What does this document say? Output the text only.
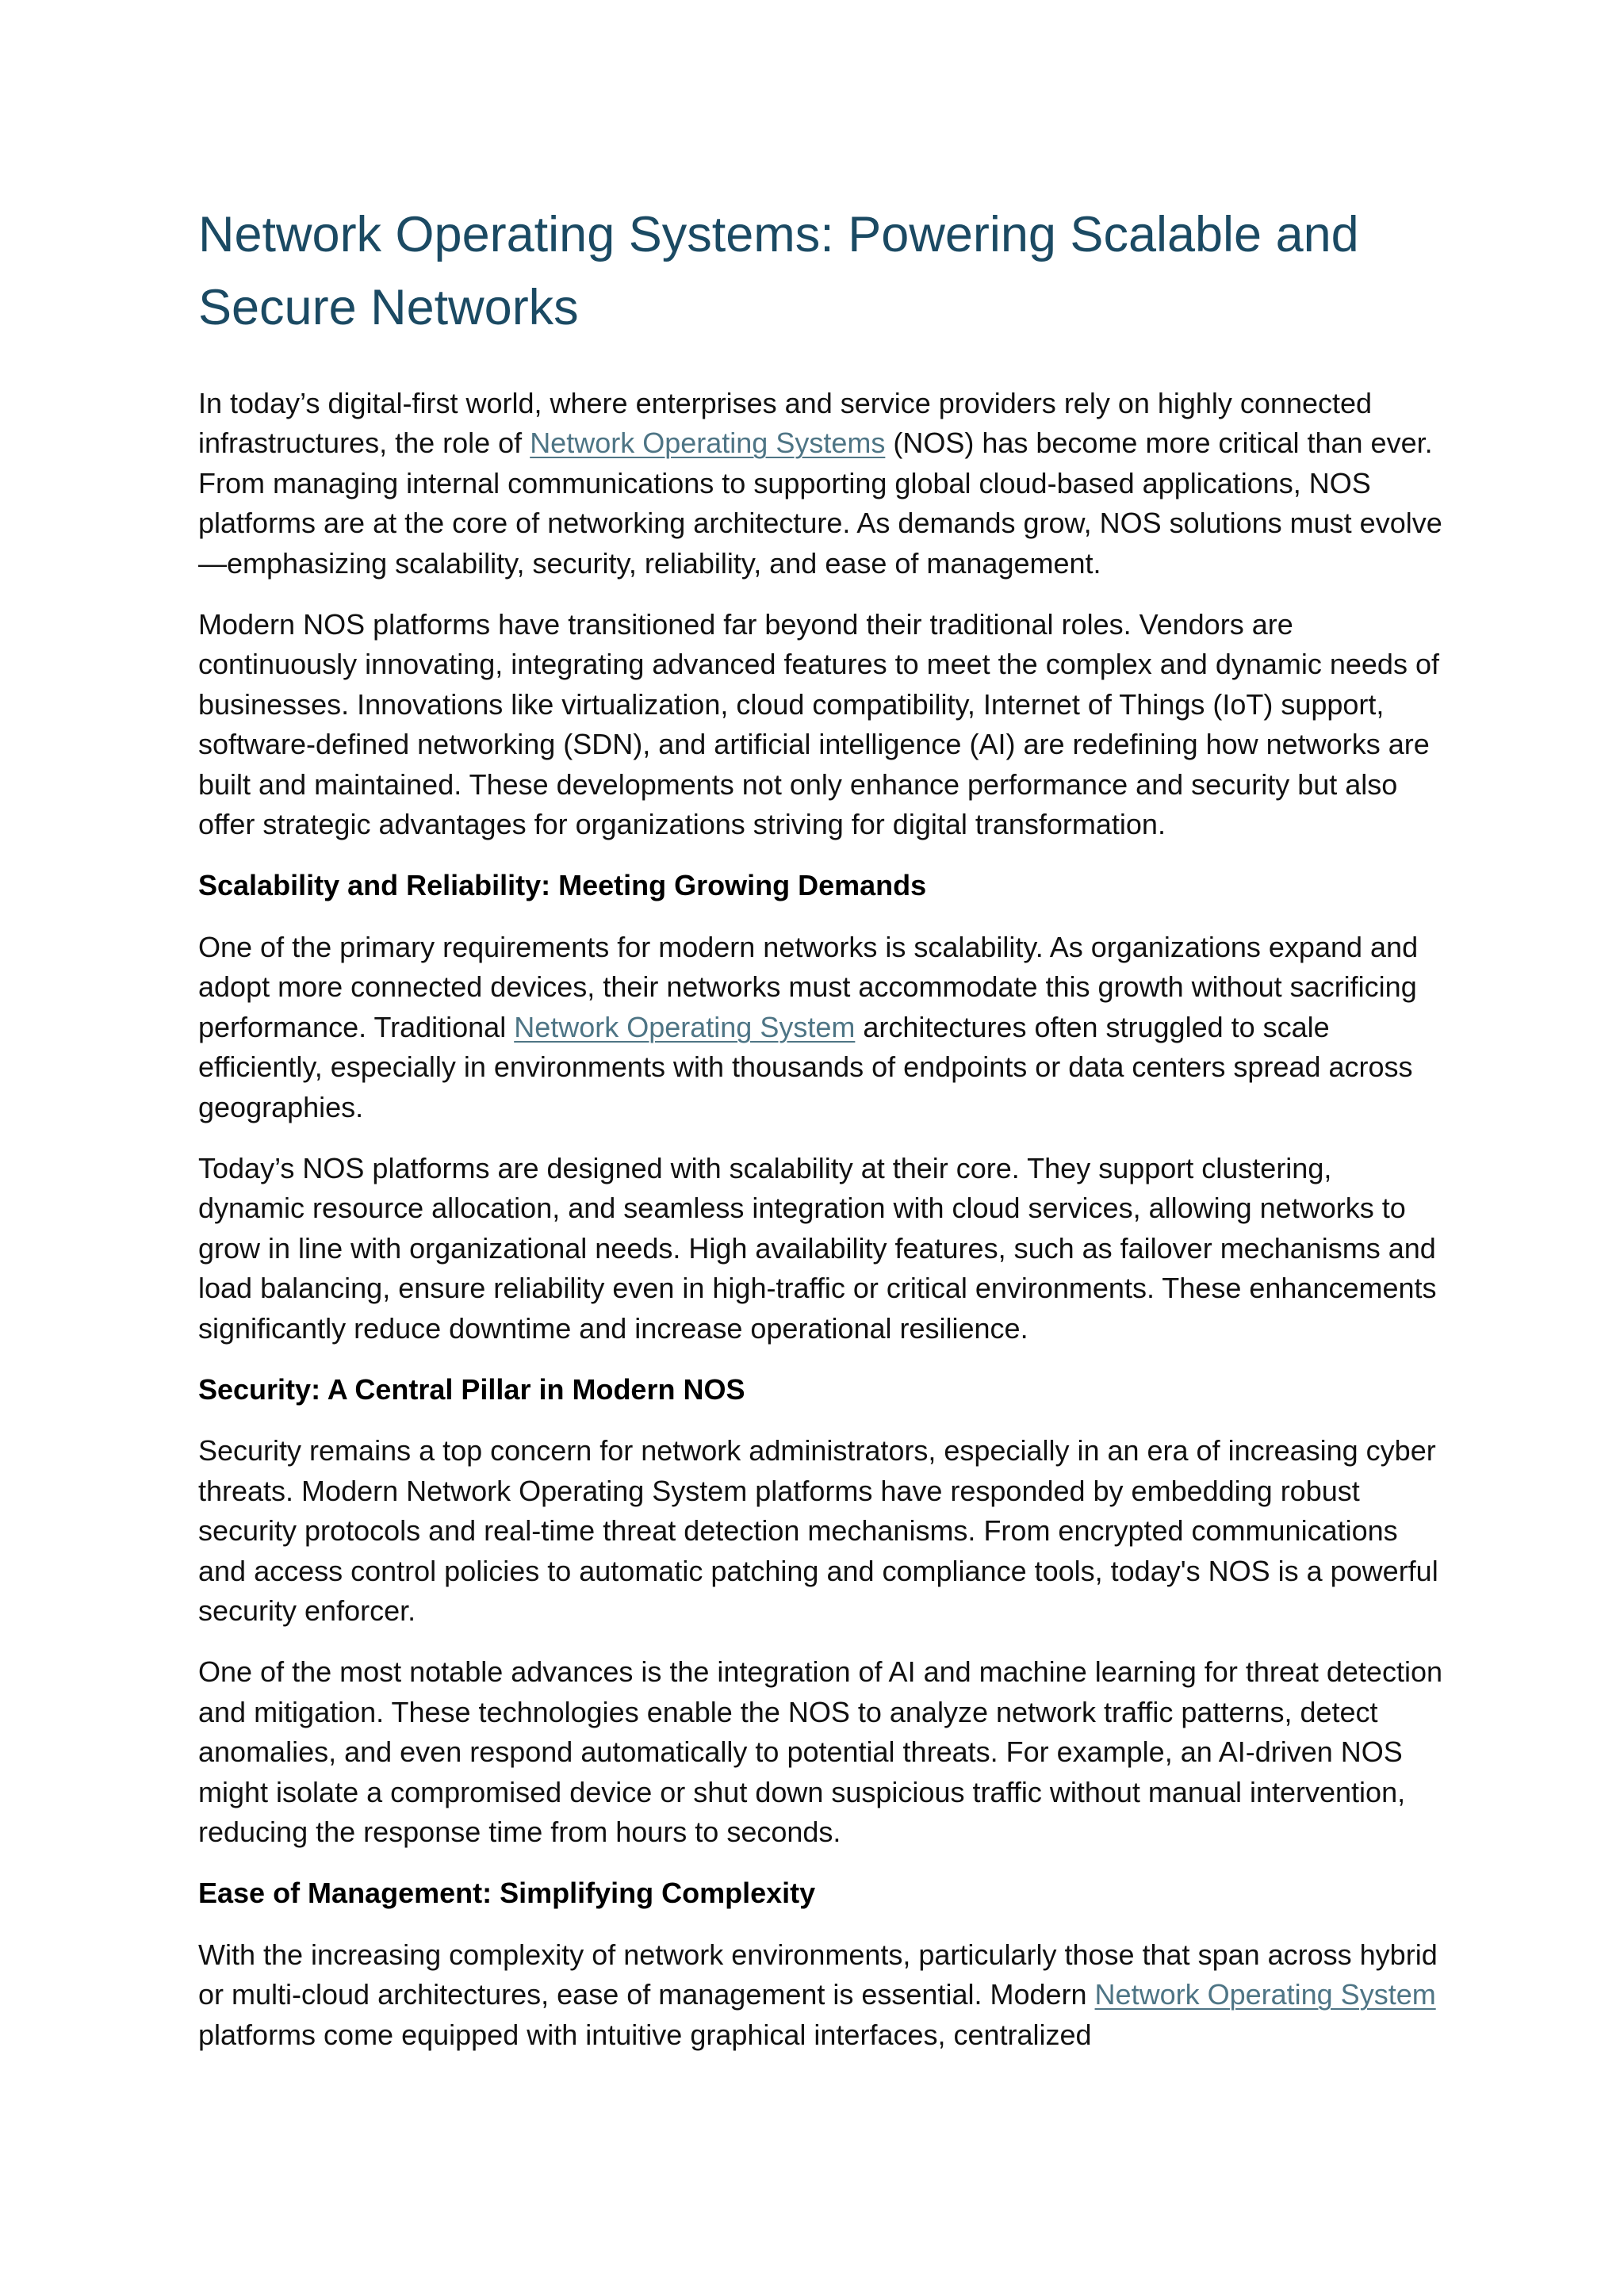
Network Operating Systems: Powering Scalable and Secure Networks

In today’s digital-first world, where enterprises and service providers rely on highly connected infrastructures, the role of Network Operating Systems (NOS) has become more critical than ever. From managing internal communications to supporting global cloud-based applications, NOS platforms are at the core of networking architecture. As demands grow, NOS solutions must evolve—emphasizing scalability, security, reliability, and ease of management.

Modern NOS platforms have transitioned far beyond their traditional roles. Vendors are continuously innovating, integrating advanced features to meet the complex and dynamic needs of businesses. Innovations like virtualization, cloud compatibility, Internet of Things (IoT) support, software-defined networking (SDN), and artificial intelligence (AI) are redefining how networks are built and maintained. These developments not only enhance performance and security but also offer strategic advantages for organizations striving for digital transformation.

Scalability and Reliability: Meeting Growing Demands

One of the primary requirements for modern networks is scalability. As organizations expand and adopt more connected devices, their networks must accommodate this growth without sacrificing performance. Traditional Network Operating System architectures often struggled to scale efficiently, especially in environments with thousands of endpoints or data centers spread across geographies.

Today’s NOS platforms are designed with scalability at their core. They support clustering, dynamic resource allocation, and seamless integration with cloud services, allowing networks to grow in line with organizational needs. High availability features, such as failover mechanisms and load balancing, ensure reliability even in high-traffic or critical environments. These enhancements significantly reduce downtime and increase operational resilience.

Security: A Central Pillar in Modern NOS

Security remains a top concern for network administrators, especially in an era of increasing cyber threats. Modern Network Operating System platforms have responded by embedding robust security protocols and real-time threat detection mechanisms. From encrypted communications and access control policies to automatic patching and compliance tools, today's NOS is a powerful security enforcer.

One of the most notable advances is the integration of AI and machine learning for threat detection and mitigation. These technologies enable the NOS to analyze network traffic patterns, detect anomalies, and even respond automatically to potential threats. For example, an AI-driven NOS might isolate a compromised device or shut down suspicious traffic without manual intervention, reducing the response time from hours to seconds.

Ease of Management: Simplifying Complexity

With the increasing complexity of network environments, particularly those that span across hybrid or multi-cloud architectures, ease of management is essential. Modern Network Operating System platforms come equipped with intuitive graphical interfaces, centralized
